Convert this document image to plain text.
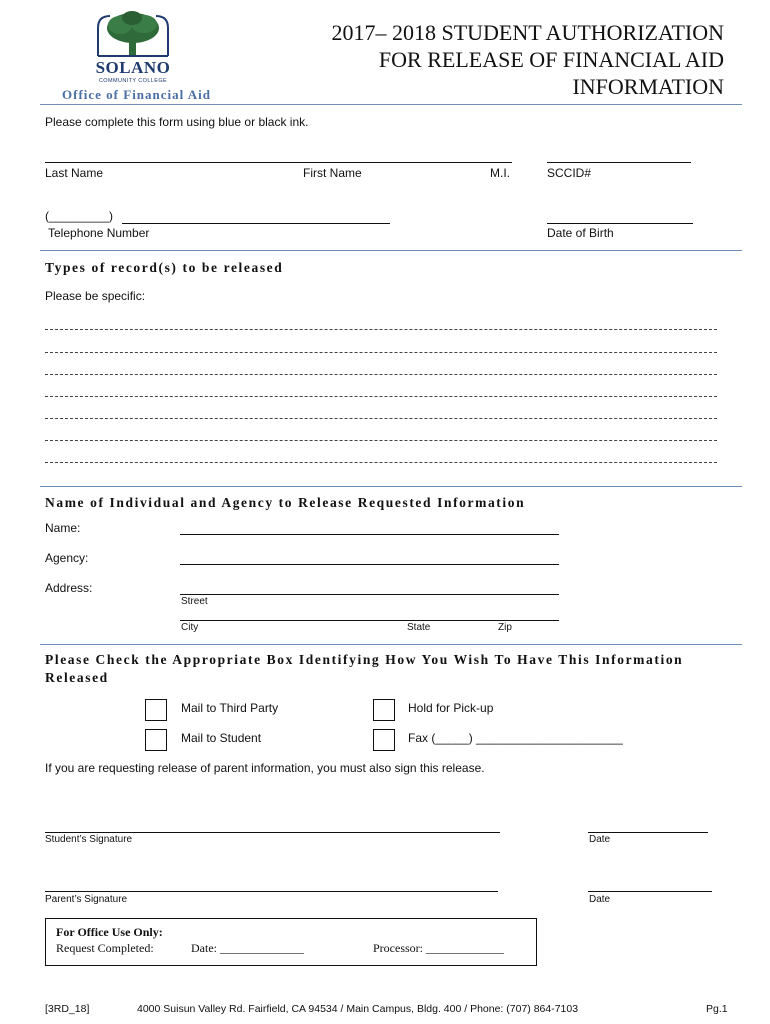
SOLANO
COMMUNITY COLLEGE
Office of Financial Aid
2017– 2018 STUDENT AUTHORIZATION
FOR RELEASE OF FINANCIAL AID
INFORMATION
Please complete this form using blue or black ink.
Last Name	First Name	M.I.	SCCID#
(_________)
Telephone Number	Date of Birth
Types of record(s) to be released
Please be specific:
Name of Individual and Agency to Release Requested Information
Name:
Agency:
Address:
Street
City	State	Zip
Please Check the Appropriate Box Identifying How You Wish To Have This Information
Released
Mail to Third Party	Hold for Pick-up
Mail to Student	Fax (_____) ______________________
If you are requesting release of parent information, you must also sign this release.
Student’s Signature	Date
Parent’s Signature	Date
For Office Use Only:
Request Completed:	Date: ______________	Processor: _____________
[3RD_18]	4000 Suisun Valley Rd. Fairfield, CA 94534 / Main Campus, Bldg. 400 / Phone: (707) 864-7103	Pg.1
